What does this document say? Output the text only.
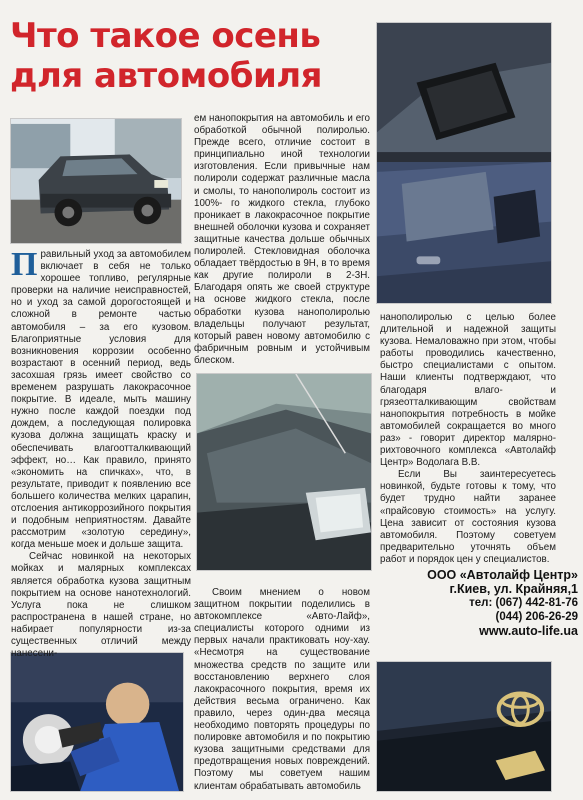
Что такое осень
для автомобиля

Правильный уход за автомобилем включает в себя не только хорошее топливо, регулярные проверки на наличие неисправностей, но и уход за самой дорогостоящей и сложной в ремонте частью автомобиля – за его кузовом. Благоприятные условия для возникновения коррозии особенно возрастают в осенний период, ведь засохшая грязь имеет свойство со временем разрушать лакокрасочное покрытие. В идеале, мыть машину нужно после каждой поездки под дождем, а последующая полировка кузова должна защищать краску и обеспечивать влагоотталкивающий эффект, но… Как правило, принято «экономить на спичках», что, в результате, приводит к появлению все большего количества мелких царапин, отслоения антикоррозийного покрытия и подобным неприятностям. Давайте рассмотрим «золотую середину», когда меньше моек и дольше защита.

Сейчас новинкой на некоторых мойках и малярных комплексах является обработка кузова защитным покрытием на основе нанотехнологий. Услуга пока не слишком распространена в нашей стране, но набирает популярности из-за существенных отличий между нанесени-

ем нанопокрытия на автомобиль и его обработкой обычной полиролью. Прежде всего, отличие состоит в принципиально иной технологии изготовления. Если привычные нам полироли содержат различные масла и смолы, то нанополироль состоит из 100%- го жидкого стекла, глубоко проникает в лакокрасочное покрытие внешней оболочки кузова и сохраняет защитные качества дольше обычных полиролей. Стекловидная оболочка обладает твёрдостью в 9Н, в то время как другие полироли в 2-3Н. Благодаря опять же своей структуре на основе жидкого стекла, после обработки кузова нанополиролью владельцы получают результат, который равен новому автомобилю с фабричным ровным и устойчивым блеском.

Своим мнением о новом защитном покрытии поделились в автокомплексе «Авто-Лайф», специалисты которого одними из первых начали практиковать ноу-хау. «Несмотря на существование множества средств по защите или восстановлению верхнего слоя лакокрасочного покрытия, время их действия весьма ограничено. Как правило, через один-два месяца необходимо повторять процедуры по полировке автомобиля и по покрытию кузова защитными средствами для предотвращения новых повреждений. Поэтому мы советуем нашим клиентам обрабатывать автомобиль

нанополиролью с целью более длительной и надежной защиты кузова. Немаловажно при этом, чтобы работы проводились качественно, быстро специалистами с опытом. Наши клиенты подтверждают, что благодаря влаго- и грязеотталкивающим свойствам нанопокрытия потребность в мойке автомобилей сокращается во много раз» - говорит директор малярно-рихтовочного комплекса «Автолайф Центр» Водолага В.В.

Если Вы заинтересуетесь новинкой, будьте готовы к тому, что будет трудно найти заранее «прайсовую стоимость» на услугу. Цена зависит от состояния кузова автомобиля. Поэтому советуем предварительно уточнять объем работ и порядок цен у специалистов.

ООО «Автолайф Центр»
г.Киев, ул. Крайняя,1
тел: (067) 442-81-76
(044) 206-26-29
www.auto-life.ua
